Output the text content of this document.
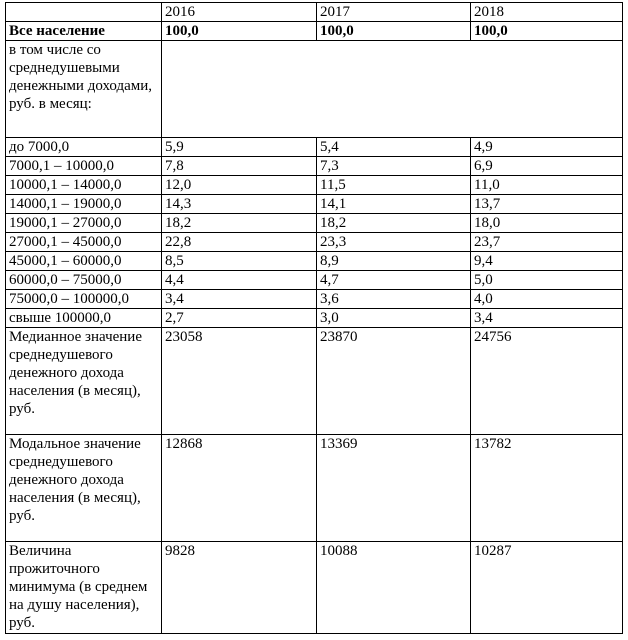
	2016	2017	2018
Все население	100,0	100,0	100,0
в том числе со среднедушевыми денежными доходами, руб. в месяц:			
до 7000,0	5,9	5,4	4,9
7000,1 – 10000,0	7,8	7,3	6,9
10000,1 – 14000,0	12,0	11,5	11,0
14000,1 – 19000,0	14,3	14,1	13,7
19000,1 – 27000,0	18,2	18,2	18,0
27000,1 – 45000,0	22,8	23,3	23,7
45000,1 – 60000,0	8,5	8,9	9,4
60000,0 – 75000,0	4,4	4,7	5,0
75000,0 – 100000,0	3,4	3,6	4,0
свыше 100000,0	2,7	3,0	3,4
Медианное значение среднедушевого денежного дохода населения (в месяц), руб.	23058	23870	24756
Модальное значение среднедушевого денежного дохода населения (в месяц), руб.	12868	13369	13782
Величина прожиточного минимума (в среднем на душу населения), руб.	9828	10088	10287
